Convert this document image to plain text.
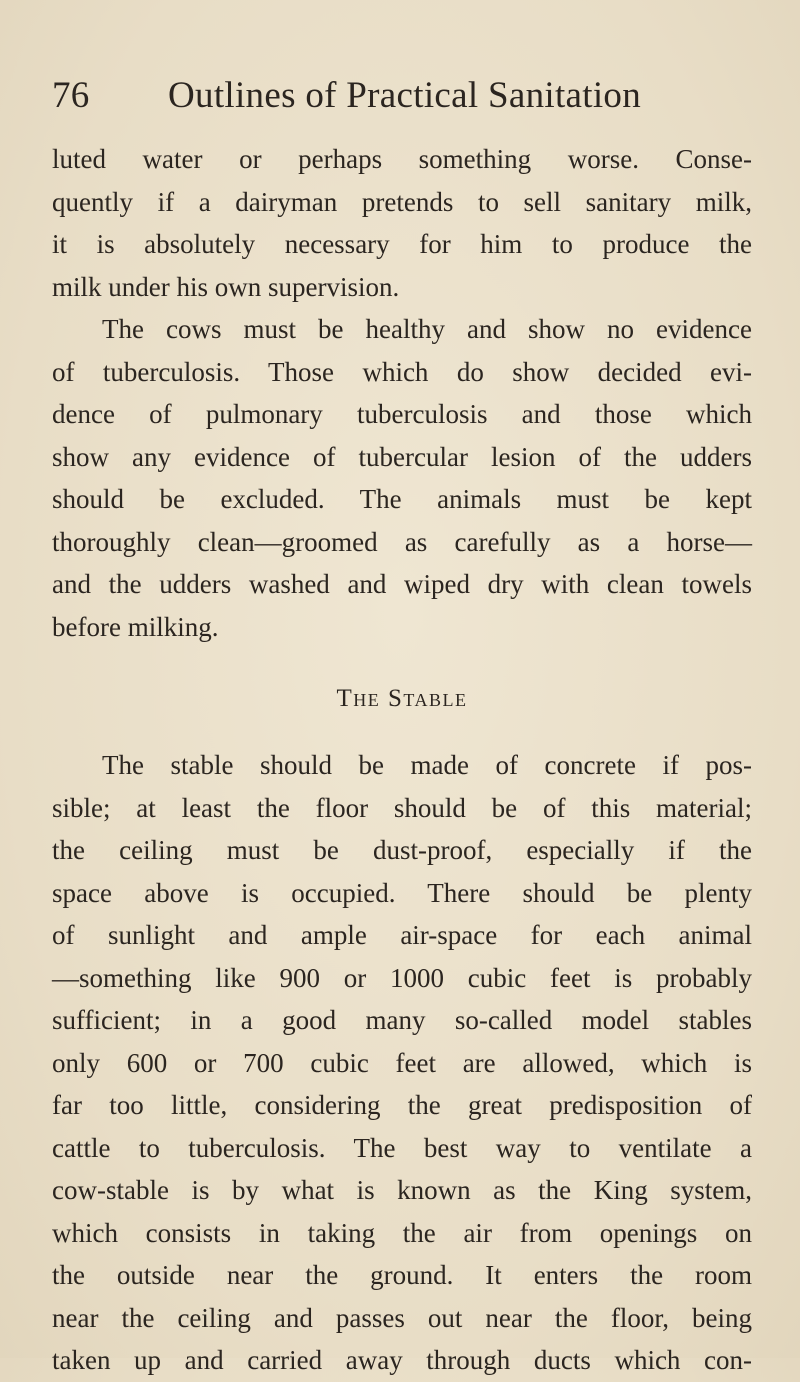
76 Outlines of Practical Sanitation
luted water or perhaps something worse. Conse-
quently if a dairyman pretends to sell sanitary milk,
it is absolutely necessary for him to produce the
milk under his own supervision.
The cows must be healthy and show no evidence
of tuberculosis. Those which do show decided evi-
dence of pulmonary tuberculosis and those which
show any evidence of tubercular lesion of the udders
should be excluded. The animals must be kept
thoroughly clean—groomed as carefully as a horse—
and the udders washed and wiped dry with clean towels
before milking.
The Stable
The stable should be made of concrete if pos-
sible; at least the floor should be of this material;
the ceiling must be dust-proof, especially if the
space above is occupied. There should be plenty
of sunlight and ample air-space for each animal
—something like 900 or 1000 cubic feet is probably
sufficient; in a good many so-called model stables
only 600 or 700 cubic feet are allowed, which is
far too little, considering the great predisposition of
cattle to tuberculosis. The best way to ventilate a
cow-stable is by what is known as the King system,
which consists in taking the air from openings on
the outside near the ground. It enters the room
near the ceiling and passes out near the floor, being
taken up and carried away through ducts which con-
